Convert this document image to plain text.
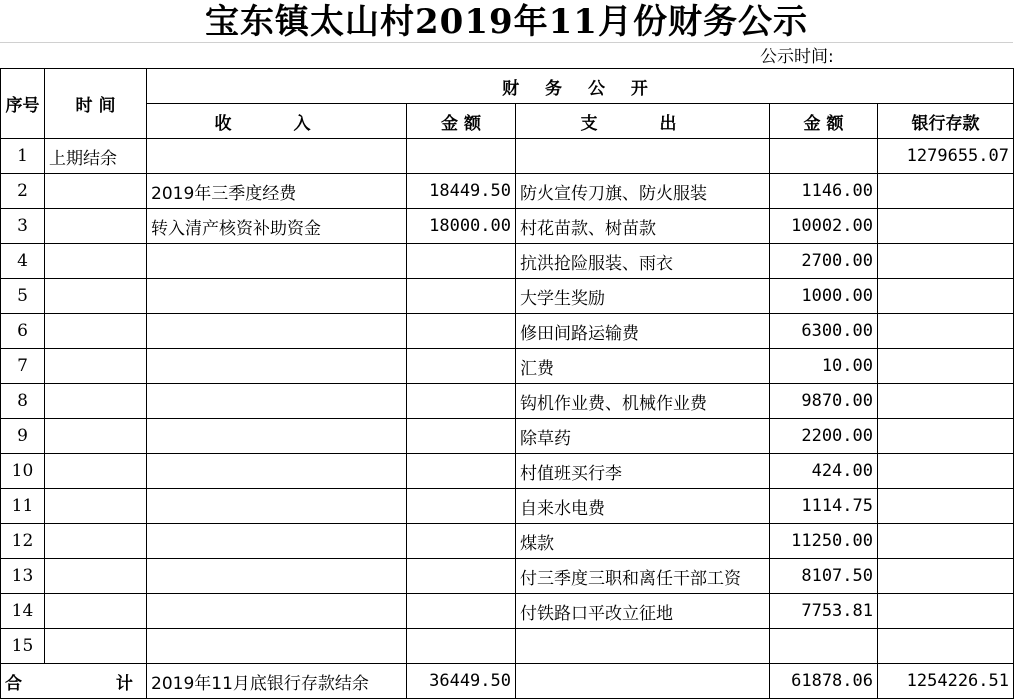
宝东镇太山村2019年11月份财务公示
公示时间:
序号	时 间	财 务 公 开				
		收 入	金 额	支 出	金 额	银行存款
1	上期结余					1279655.07
2		2019年三季度经费	18449.50	防火宣传刀旗、防火服装	1146.00	
3		转入清产核资补助资金	18000.00	村花苗款、树苗款	10002.00	
4				抗洪抢险服装、雨衣	2700.00	
5				大学生奖励	1000.00	
6				修田间路运输费	6300.00	
7				汇费	10.00	
8				钩机作业费、机械作业费	9870.00	
9				除草药	2200.00	
10				村值班买行李	424.00	
11				自来水电费	1114.75	
12				煤款	11250.00	
13				付三季度三职和离任干部工资	8107.50	
14				付铁路口平改立征地	7753.81	
15						
合 计		2019年11月底银行存款结余	36449.50		61878.06	1254226.51
